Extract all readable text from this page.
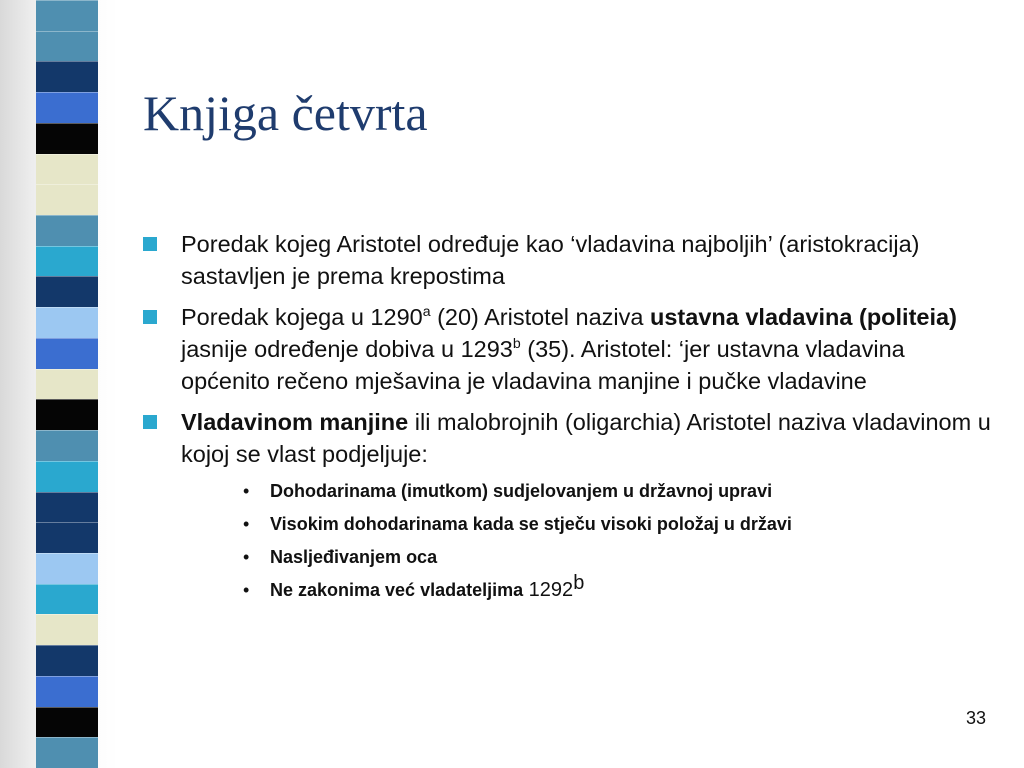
Knjiga četvrta
Poredak kojeg Aristotel određuje kao ‘vladavina najboljih’ (aristokracija) sastavljen je prema krepostima
Poredak kojega u 1290$^a$ (20) Aristotel naziva ustavna vladavina (politeia) jasnije određenje dobiva u 1293$^b$ (35). Aristotel: ‘jer ustavna vladavina općenito rečeno mješavina je vladavina manjine i pučke vladavine
Vladavinom manjine ili malobrojnih (oligarchia) Aristotel naziva vladavinom u kojoj se vlast podjeljuje:
• Dohodarinama (imutkom) sudjelovanjem u državnoj upravi
• Visokim dohodarinama kada se stječu visoki položaj u državi
• Nasljeđivanjem oca
• Ne zakonima već vladateljima 1292$^b$
33
